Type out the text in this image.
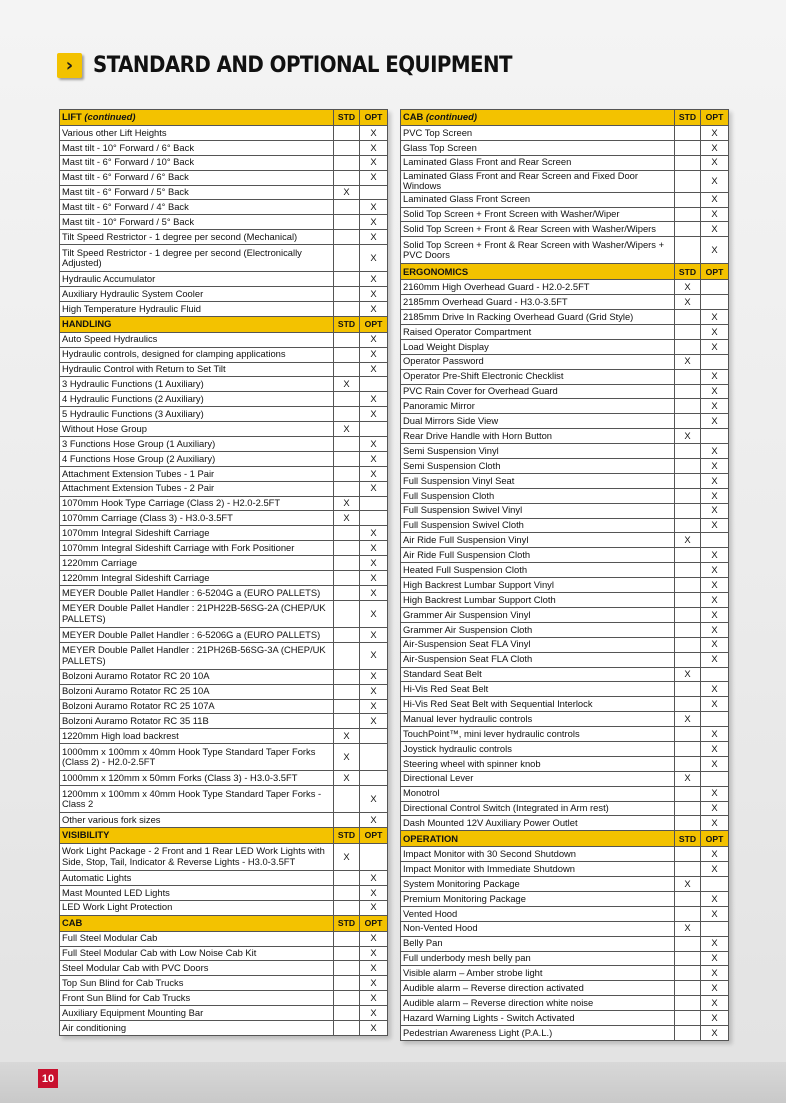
› STANDARD AND OPTIONAL EQUIPMENT
LIFT (continued)	STD	OPT
Various other Lift Heights		X
Mast tilt - 10° Forward / 6° Back		X
Mast tilt - 6° Forward / 10° Back		X
Mast tilt - 6° Forward / 6° Back		X
Mast tilt - 6° Forward / 5° Back	X	
Mast tilt - 6° Forward / 4° Back		X
Mast tilt - 10° Forward / 5° Back		X
Tilt Speed Restrictor - 1 degree per second (Mechanical)		X
Tilt Speed Restrictor - 1 degree per second (Electronically Adjusted)		X
Hydraulic Accumulator		X
Auxiliary Hydraulic System Cooler		X
High Temperature Hydraulic Fluid		X
HANDLING	STD	OPT
Auto Speed Hydraulics		X
Hydraulic controls, designed for clamping applications		X
Hydraulic Control with Return to Set Tilt		X
3 Hydraulic Functions (1 Auxiliary)	X	
4 Hydraulic Functions (2 Auxiliary)		X
5 Hydraulic Functions (3 Auxiliary)		X
Without Hose Group	X	
3 Functions Hose Group (1 Auxiliary)		X
4 Functions Hose Group (2 Auxiliary)		X
Attachment Extension Tubes - 1 Pair		X
Attachment Extension Tubes - 2 Pair		X
1070mm Hook Type Carriage (Class 2) - H2.0-2.5FT	X	
1070mm Carriage (Class 3) - H3.0-3.5FT	X	
1070mm Integral Sideshift Carriage		X
1070mm Integral Sideshift Carriage with Fork Positioner		X
1220mm Carriage		X
1220mm Integral Sideshift Carriage		X
MEYER Double Pallet Handler : 6-5204G a (EURO PALLETS)		X
MEYER Double Pallet Handler : 21PH22B-56SG-2A (CHEP/UK PALLETS)		X
MEYER Double Pallet Handler : 6-5206G a (EURO PALLETS)		X
MEYER Double Pallet Handler : 21PH26B-56SG-3A (CHEP/UK PALLETS)		X
Bolzoni Auramo Rotator RC 20 10A		X
Bolzoni Auramo Rotator RC 25 10A		X
Bolzoni Auramo Rotator RC 25 107A		X
Bolzoni Auramo Rotator RC 35 11B		X
1220mm High load backrest	X	
1000mm x 100mm x 40mm Hook Type Standard Taper Forks (Class 2) - H2.0-2.5FT	X	
1000mm x 120mm x 50mm Forks (Class 3) - H3.0-3.5FT	X	
1200mm x 100mm x 40mm Hook Type Standard Taper Forks - Class 2		X
Other various fork sizes		X
VISIBILITY	STD	OPT
Work Light Package - 2 Front and 1 Rear LED Work Lights with Side, Stop, Tail, Indicator & Reverse Lights - H3.0-3.5FT	X	
Automatic Lights		X
Mast Mounted LED Lights		X
LED Work Light Protection		X
CAB	STD	OPT
Full Steel Modular Cab		X
Full Steel Modular Cab with Low Noise Cab Kit		X
Steel Modular Cab with PVC Doors		X
Top Sun Blind for Cab Trucks		X
Front Sun Blind for Cab Trucks		X
Auxiliary Equipment Mounting Bar		X
Air conditioning		X
CAB (continued)	STD	OPT
PVC Top Screen		X
Glass Top Screen		X
Laminated Glass Front and Rear Screen		X
Laminated Glass Front and Rear Screen and Fixed Door Windows		X
Laminated Glass Front Screen		X
Solid Top Screen + Front Screen with Washer/Wiper		X
Solid Top Screen + Front & Rear Screen with Washer/Wipers		X
Solid Top Screen + Front & Rear Screen with Washer/Wipers + PVC Doors		X
ERGONOMICS	STD	OPT
2160mm High Overhead Guard - H2.0-2.5FT	X	
2185mm Overhead Guard - H3.0-3.5FT	X	
2185mm Drive In Racking Overhead Guard (Grid Style)		X
Raised Operator Compartment		X
Load Weight Display		X
Operator Password	X	
Operator Pre-Shift Electronic Checklist		X
PVC Rain Cover for Overhead Guard		X
Panoramic Mirror		X
Dual Mirrors Side View		X
Rear Drive Handle with Horn Button	X	
Semi Suspension Vinyl		X
Semi Suspension Cloth		X
Full Suspension Vinyl Seat		X
Full Suspension Cloth		X
Full Suspension Swivel Vinyl		X
Full Suspension Swivel Cloth		X
Air Ride Full Suspension Vinyl	X	
Air Ride Full Suspension Cloth		X
Heated Full Suspension Cloth		X
High Backrest Lumbar Support Vinyl		X
High Backrest Lumbar Support Cloth		X
Grammer Air Suspension Vinyl		X
Grammer Air Suspension Cloth		X
Air-Suspension Seat FLA Vinyl		X
Air-Suspension Seat FLA Cloth		X
Standard Seat Belt	X	
Hi-Vis Red Seat Belt		X
Hi-Vis Red Seat Belt with Sequential Interlock		X
Manual lever hydraulic controls	X	
TouchPoint™, mini lever hydraulic controls		X
Joystick hydraulic controls		X
Steering wheel with spinner knob		X
Directional Lever	X	
Monotrol		X
Directional Control Switch (Integrated in Arm rest)		X
Dash Mounted 12V Auxiliary Power Outlet		X
OPERATION	STD	OPT
Impact Monitor with 30 Second Shutdown		X
Impact Monitor with Immediate Shutdown		X
System Monitoring Package	X	
Premium Monitoring Package		X
Vented Hood		X
Non-Vented Hood	X	
Belly Pan		X
Full underbody mesh belly pan		X
Visible alarm – Amber strobe light		X
Audible alarm – Reverse direction activated		X
Audible alarm – Reverse direction white noise		X
Hazard Warning Lights - Switch Activated		X
Pedestrian Awareness Light (P.A.L.)		X
10
